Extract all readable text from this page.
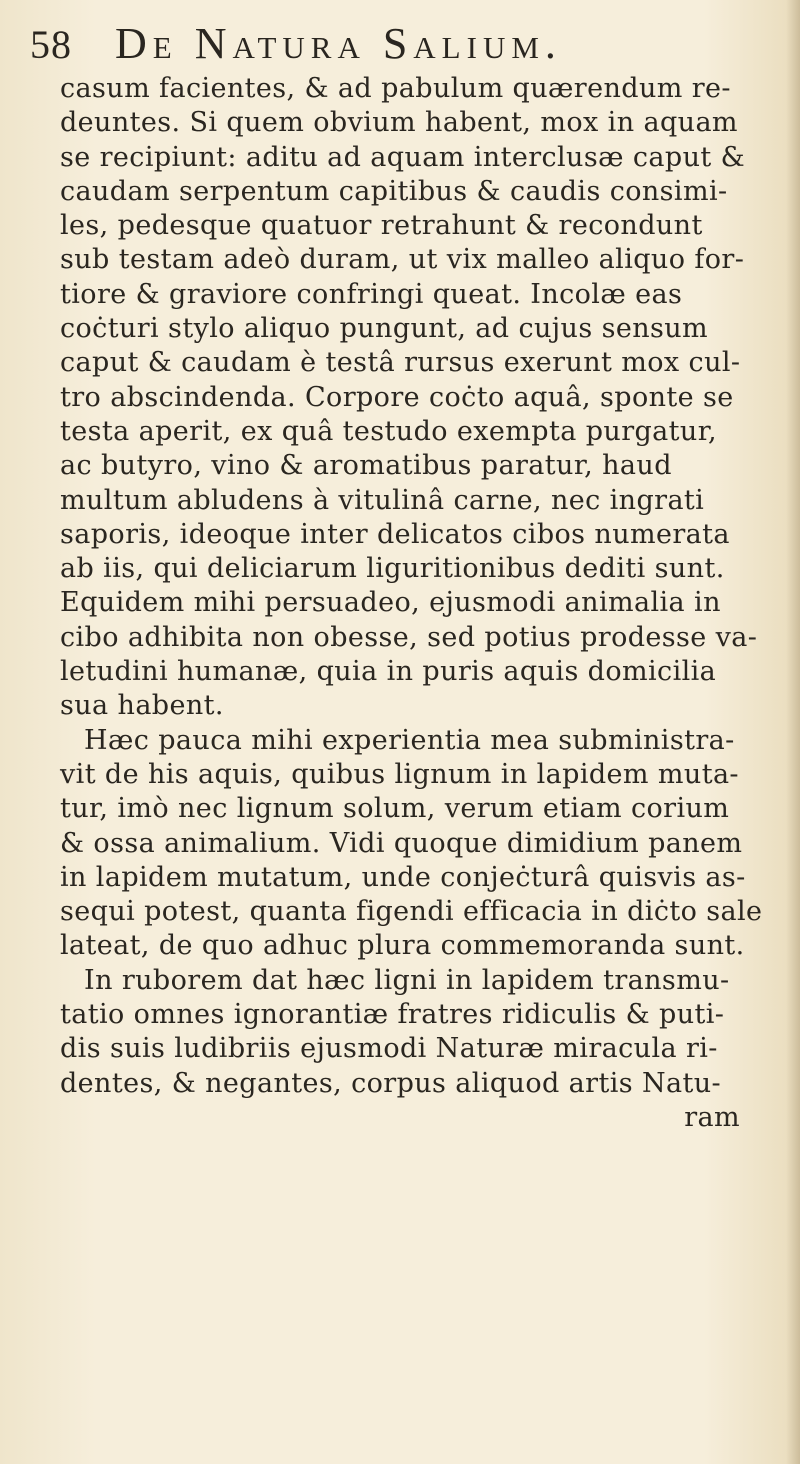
58 De Natura Salium.
casum facientes, & ad pabulum quærendum re-
deuntes. Si quem obvium habent, mox in aquam
se recipiunt: aditu ad aquam interclusæ caput &
caudam serpentum capitibus & caudis consimi-
les, pedesque quatuor retrahunt & recondunt
sub testam adeò duram, ut vix malleo aliquo for-
tiore & graviore confringi queat. Incolæ eas
coċturi stylo aliquo pungunt, ad cujus sensum
caput & caudam è testâ rursus exerunt mox cul-
tro abscindenda. Corpore coċto aquâ, sponte se
testa aperit, ex quâ testudo exempta purgatur,
ac butyro, vino & aromatibus paratur, haud
multum abludens à vitulinâ carne, nec ingrati
saporis, ideoque inter delicatos cibos numerata
ab iis, qui deliciarum liguritionibus dediti sunt.
Equidem mihi persuadeo, ejusmodi animalia in
cibo adhibita non obesse, sed potius prodesse va-
letudini humanæ, quia in puris aquis domicilia
sua habent.
Hæc pauca mihi experientia mea subministra-
vit de his aquis, quibus lignum in lapidem muta-
tur, imò nec lignum solum, verum etiam corium
& ossa animalium. Vidi quoque dimidium panem
in lapidem mutatum, unde conjeċturâ quisvis as-
sequi potest, quanta figendi efficacia in diċto sale
lateat, de quo adhuc plura commemoranda sunt.
In ruborem dat hæc ligni in lapidem transmu-
tatio omnes ignorantiæ fratres ridiculis & puti-
dis suis ludibriis ejusmodi Naturæ miracula ri-
dentes, & negantes, corpus aliquod artis Natu-
ram
